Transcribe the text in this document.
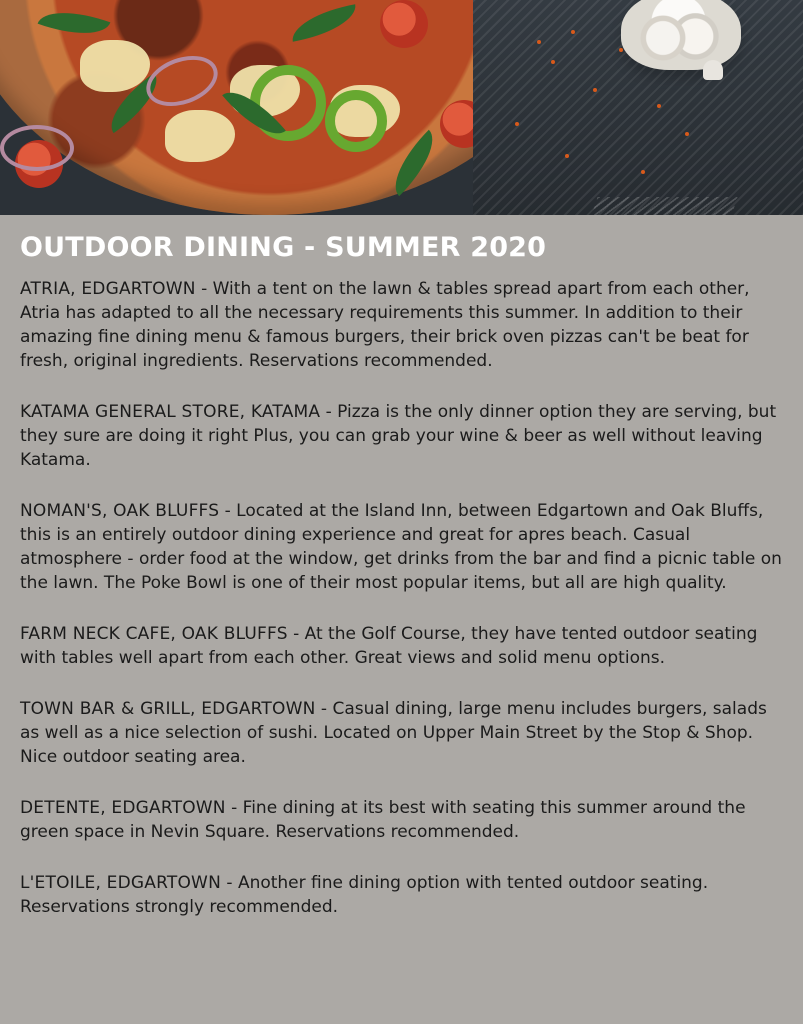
OUTDOOR DINING - SUMMER 2020

ATRIA, EDGARTOWN - With a tent on the lawn & tables spread apart from each other, Atria has adapted to all the necessary requirements this summer. In addition to their amazing fine dining menu & famous burgers, their brick oven pizzas can't be beat for fresh, original ingredients. Reservations recommended.

KATAMA GENERAL STORE, KATAMA - Pizza is the only dinner option they are serving, but they sure are doing it right Plus, you can grab your wine & beer as well without leaving Katama.

NOMAN'S, OAK BLUFFS - Located at the Island Inn, between Edgartown and Oak Bluffs, this is an entirely outdoor dining experience and great for apres beach. Casual atmosphere - order food at the window, get drinks from the bar and find a picnic table on the lawn. The Poke Bowl is one of their most popular items, but all are high quality.

FARM NECK CAFE, OAK BLUFFS - At the Golf Course, they have tented outdoor seating with tables well apart from each other. Great views and solid menu options.

TOWN BAR & GRILL, EDGARTOWN - Casual dining, large menu includes burgers, salads as well as a nice selection of sushi. Located on Upper Main Street by the Stop & Shop. Nice outdoor seating area.

DETENTE, EDGARTOWN - Fine dining at its best with seating this summer around the green space in Nevin Square. Reservations recommended.

L'ETOILE, EDGARTOWN - Another fine dining option with tented outdoor seating. Reservations strongly recommended.
